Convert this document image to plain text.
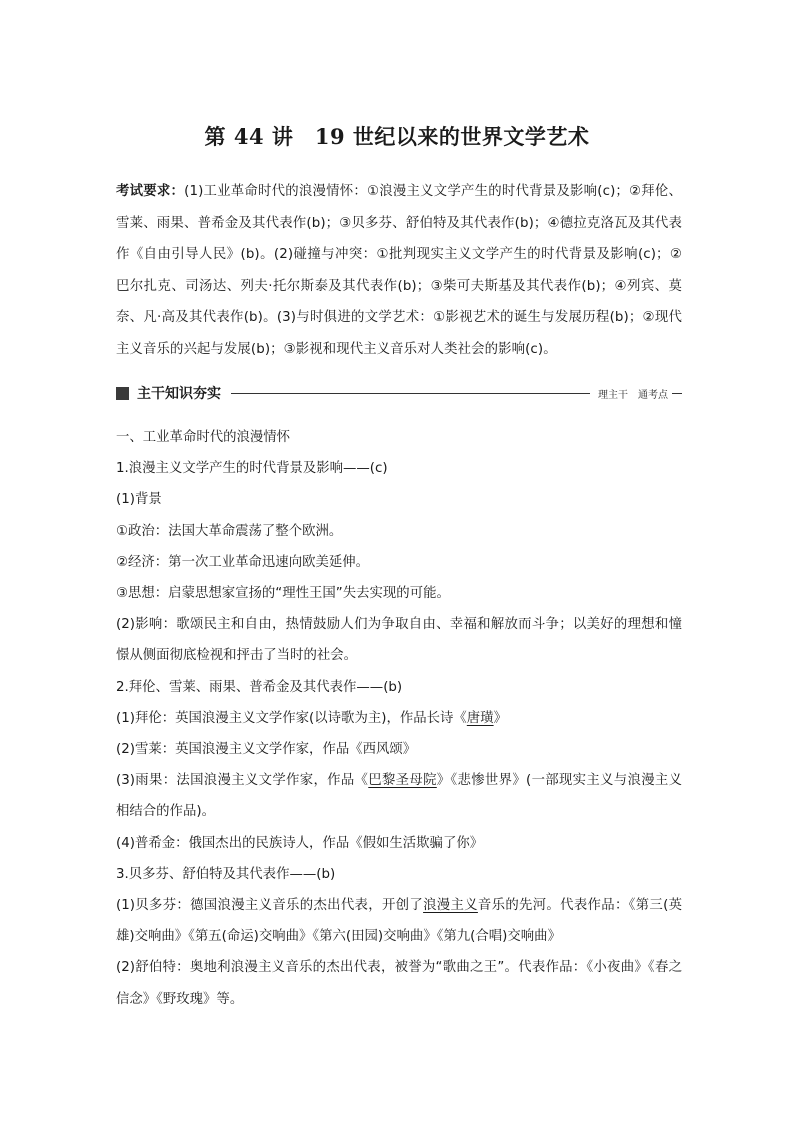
第 44 讲　19 世纪以来的世界文学艺术
考试要求：(1)工业革命时代的浪漫情怀：①浪漫主义文学产生的时代背景及影响(c)；②拜伦、雪莱、雨果、普希金及其代表作(b)；③贝多芬、舒伯特及其代表作(b)；④德拉克洛瓦及其代表作《自由引导人民》(b)。(2)碰撞与冲突：①批判现实主义文学产生的时代背景及影响(c)；②巴尔扎克、司汤达、列夫·托尔斯泰及其代表作(b)；③柴可夫斯基及其代表作(b)；④列宾、莫奈、凡·高及其代表作(b)。(3)与时俱进的文学艺术：①影视艺术的诞生与发展历程(b)；②现代主义音乐的兴起与发展(b)；③影视和现代主义音乐对人类社会的影响(c)。
主干知识夯实	理主干　通考点

一、工业革命时代的浪漫情怀

1.浪漫主义文学产生的时代背景及影响——(c)

(1)背景

①政治：法国大革命震荡了整个欧洲。

②经济：第一次工业革命迅速向欧美延伸。

③思想：启蒙思想家宣扬的“理性王国”失去实现的可能。

(2)影响：歌颂民主和自由，热情鼓励人们为争取自由、幸福和解放而斗争；以美好的理想和憧憬从侧面彻底检视和抨击了当时的社会。

2.拜伦、雪莱、雨果、普希金及其代表作——(b)

(1)拜伦：英国浪漫主义文学作家(以诗歌为主)，作品长诗《唐璜》

(2)雪莱：英国浪漫主义文学作家，作品《西风颂》

(3)雨果：法国浪漫主义文学作家，作品《巴黎圣母院》《悲惨世界》(一部现实主义与浪漫主义相结合的作品)。

(4)普希金：俄国杰出的民族诗人，作品《假如生活欺骗了你》

3.贝多芬、舒伯特及其代表作——(b)

(1)贝多芬：德国浪漫主义音乐的杰出代表，开创了浪漫主义音乐的先河。代表作品：《第三(英雄)交响曲》《第五(命运)交响曲》《第六(田园)交响曲》《第九(合唱)交响曲》

(2)舒伯特：奥地利浪漫主义音乐的杰出代表，被誉为“歌曲之王”。代表作品：《小夜曲》《春之信念》《野玫瑰》等。
